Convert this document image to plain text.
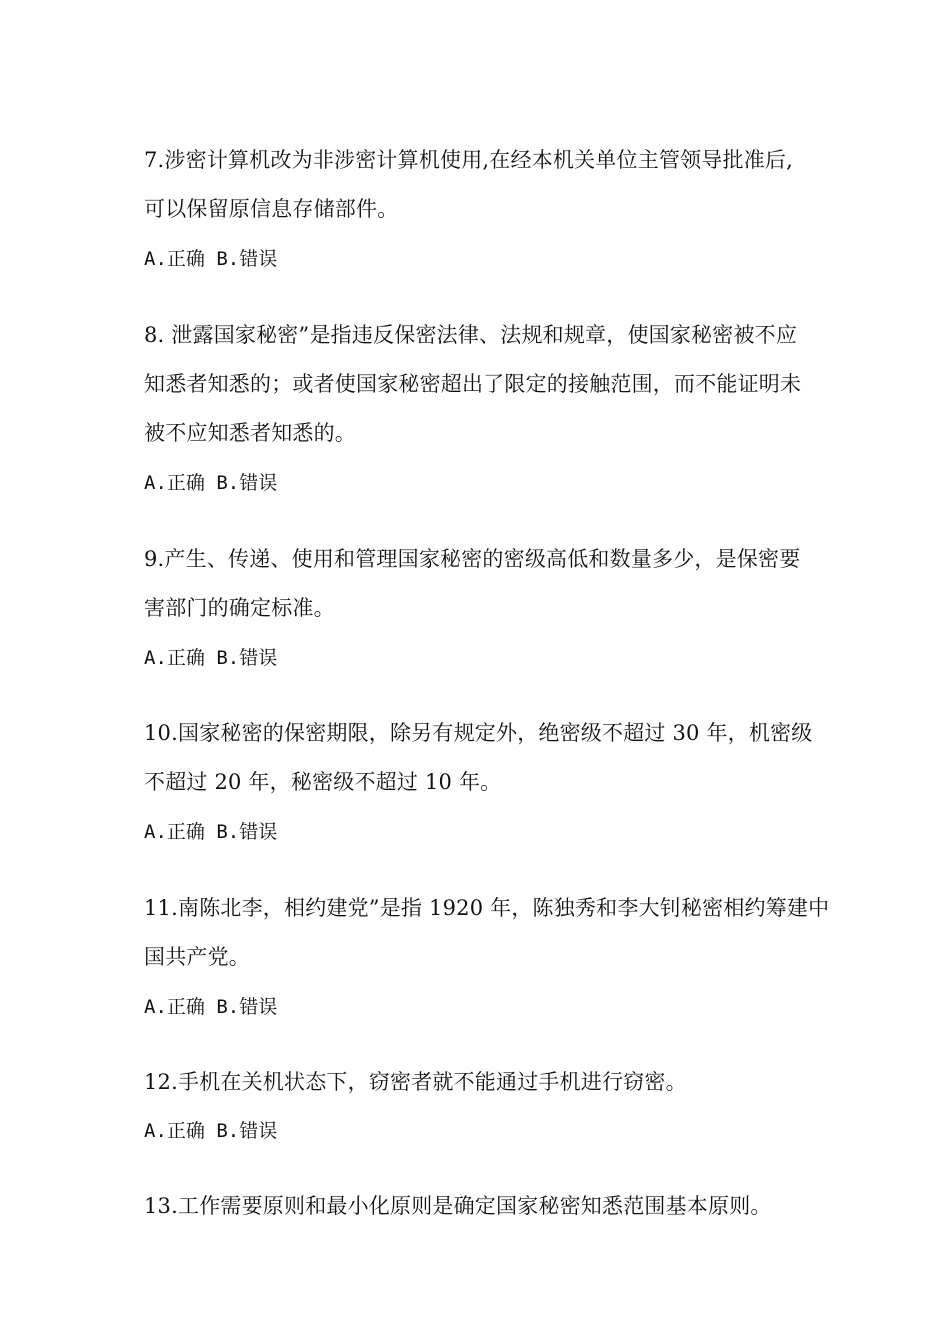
7.涉密计算机改为非涉密计算机使用,在经本机关单位主管领导批准后,
可以保留原信息存储部件。

A.正确 B.错误

8. 泄露国家秘密”是指违反保密法律、法规和规章，使国家秘密被不应
知悉者知悉的；或者使国家秘密超出了限定的接触范围，而不能证明未
被不应知悉者知悉的。

A.正确 B.错误

9.产生、传递、使用和管理国家秘密的密级高低和数量多少，是保密要
害部门的确定标准。

A.正确 B.错误

10.国家秘密的保密期限，除另有规定外，绝密级不超过 30 年，机密级
不超过 20 年，秘密级不超过 10 年。

A.正确 B.错误

11.南陈北李，相约建党”是指 1920 年，陈独秀和李大钊秘密相约筹建中
国共产党。

A.正确 B.错误

12.手机在关机状态下，窃密者就不能通过手机进行窃密。

A.正确 B.错误

13.工作需要原则和最小化原则是确定国家秘密知悉范围基本原则。
